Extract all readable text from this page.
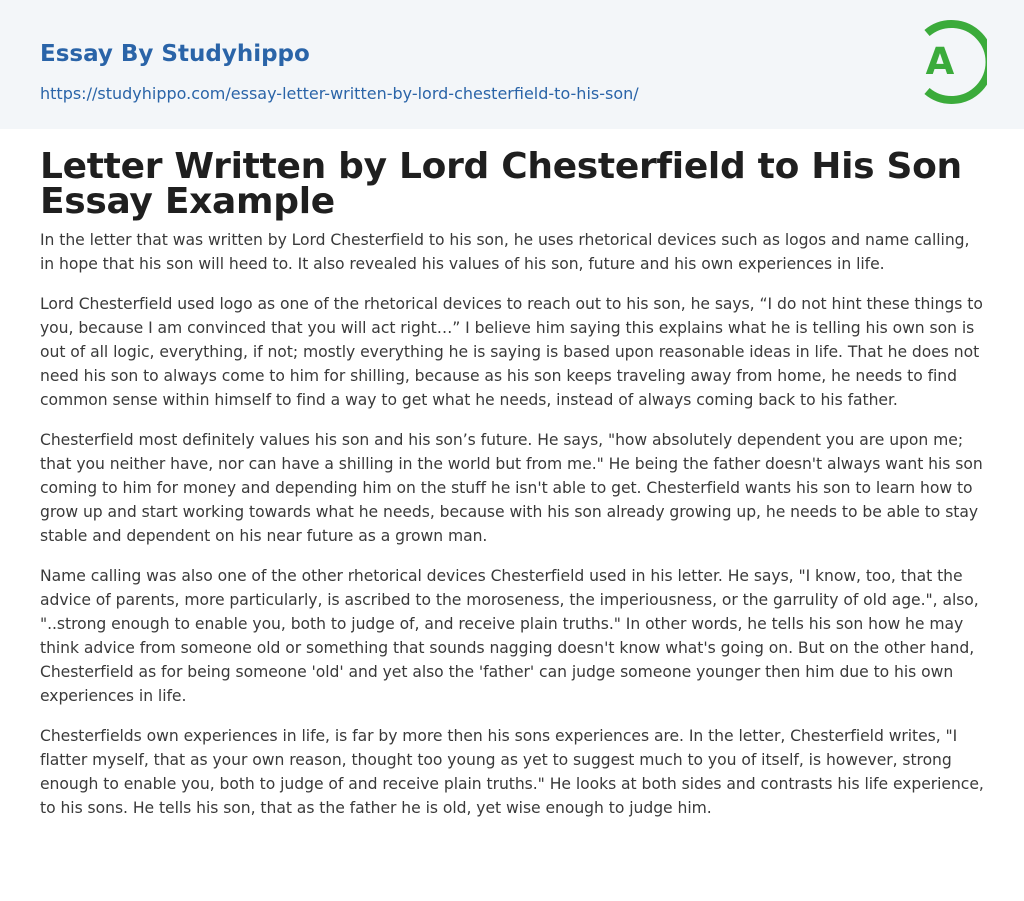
Essay By Studyhippo
https://studyhippo.com/essay-letter-written-by-lord-chesterfield-to-his-son/
A
Letter Written by Lord Chesterfield to His Son Essay Example

In the letter that was written by Lord Chesterfield to his son, he uses rhetorical devices such as logos and name calling, in hope that his son will heed to. It also revealed his values of his son, future and his own experiences in life.

Lord Chesterfield used logo as one of the rhetorical devices to reach out to his son, he says, “I do not hint these things to you, because I am convinced that you will act right…” I believe him saying this explains what he is telling his own son is out of all logic, everything, if not; mostly everything he is saying is based upon reasonable ideas in life. That he does not need his son to always come to him for shilling, because as his son keeps traveling away from home, he needs to find common sense within himself to find a way to get what he needs, instead of always coming back to his father.

Chesterfield most definitely values his son and his son’s future. He says, "how absolutely dependent you are upon me; that you neither have, nor can have a shilling in the world but from me." He being the father doesn't always want his son coming to him for money and depending him on the stuff he isn't able to get. Chesterfield wants his son to learn how to grow up and start working towards what he needs, because with his son already growing up, he needs to be able to stay stable and dependent on his near future as a grown man.

Name calling was also one of the other rhetorical devices Chesterfield used in his letter. He says, "I know, too, that the advice of parents, more particularly, is ascribed to the moroseness, the imperiousness, or the garrulity of old age.", also, "..strong enough to enable you, both to judge of, and receive plain truths." In other words, he tells his son how he may think advice from someone old or something that sounds nagging doesn't know what's going on. But on the other hand, Chesterfield as for being someone 'old' and yet also the 'father' can judge someone younger then him due to his own experiences in life.

Chesterfields own experiences in life, is far by more then his sons experiences are. In the letter, Chesterfield writes, "I flatter myself, that as your own reason, thought too young as yet to suggest much to you of itself, is however, strong enough to enable you, both to judge of and receive plain truths." He looks at both sides and contrasts his life experience, to his sons. He tells his son, that as the father he is old, yet wise enough to judge him.
